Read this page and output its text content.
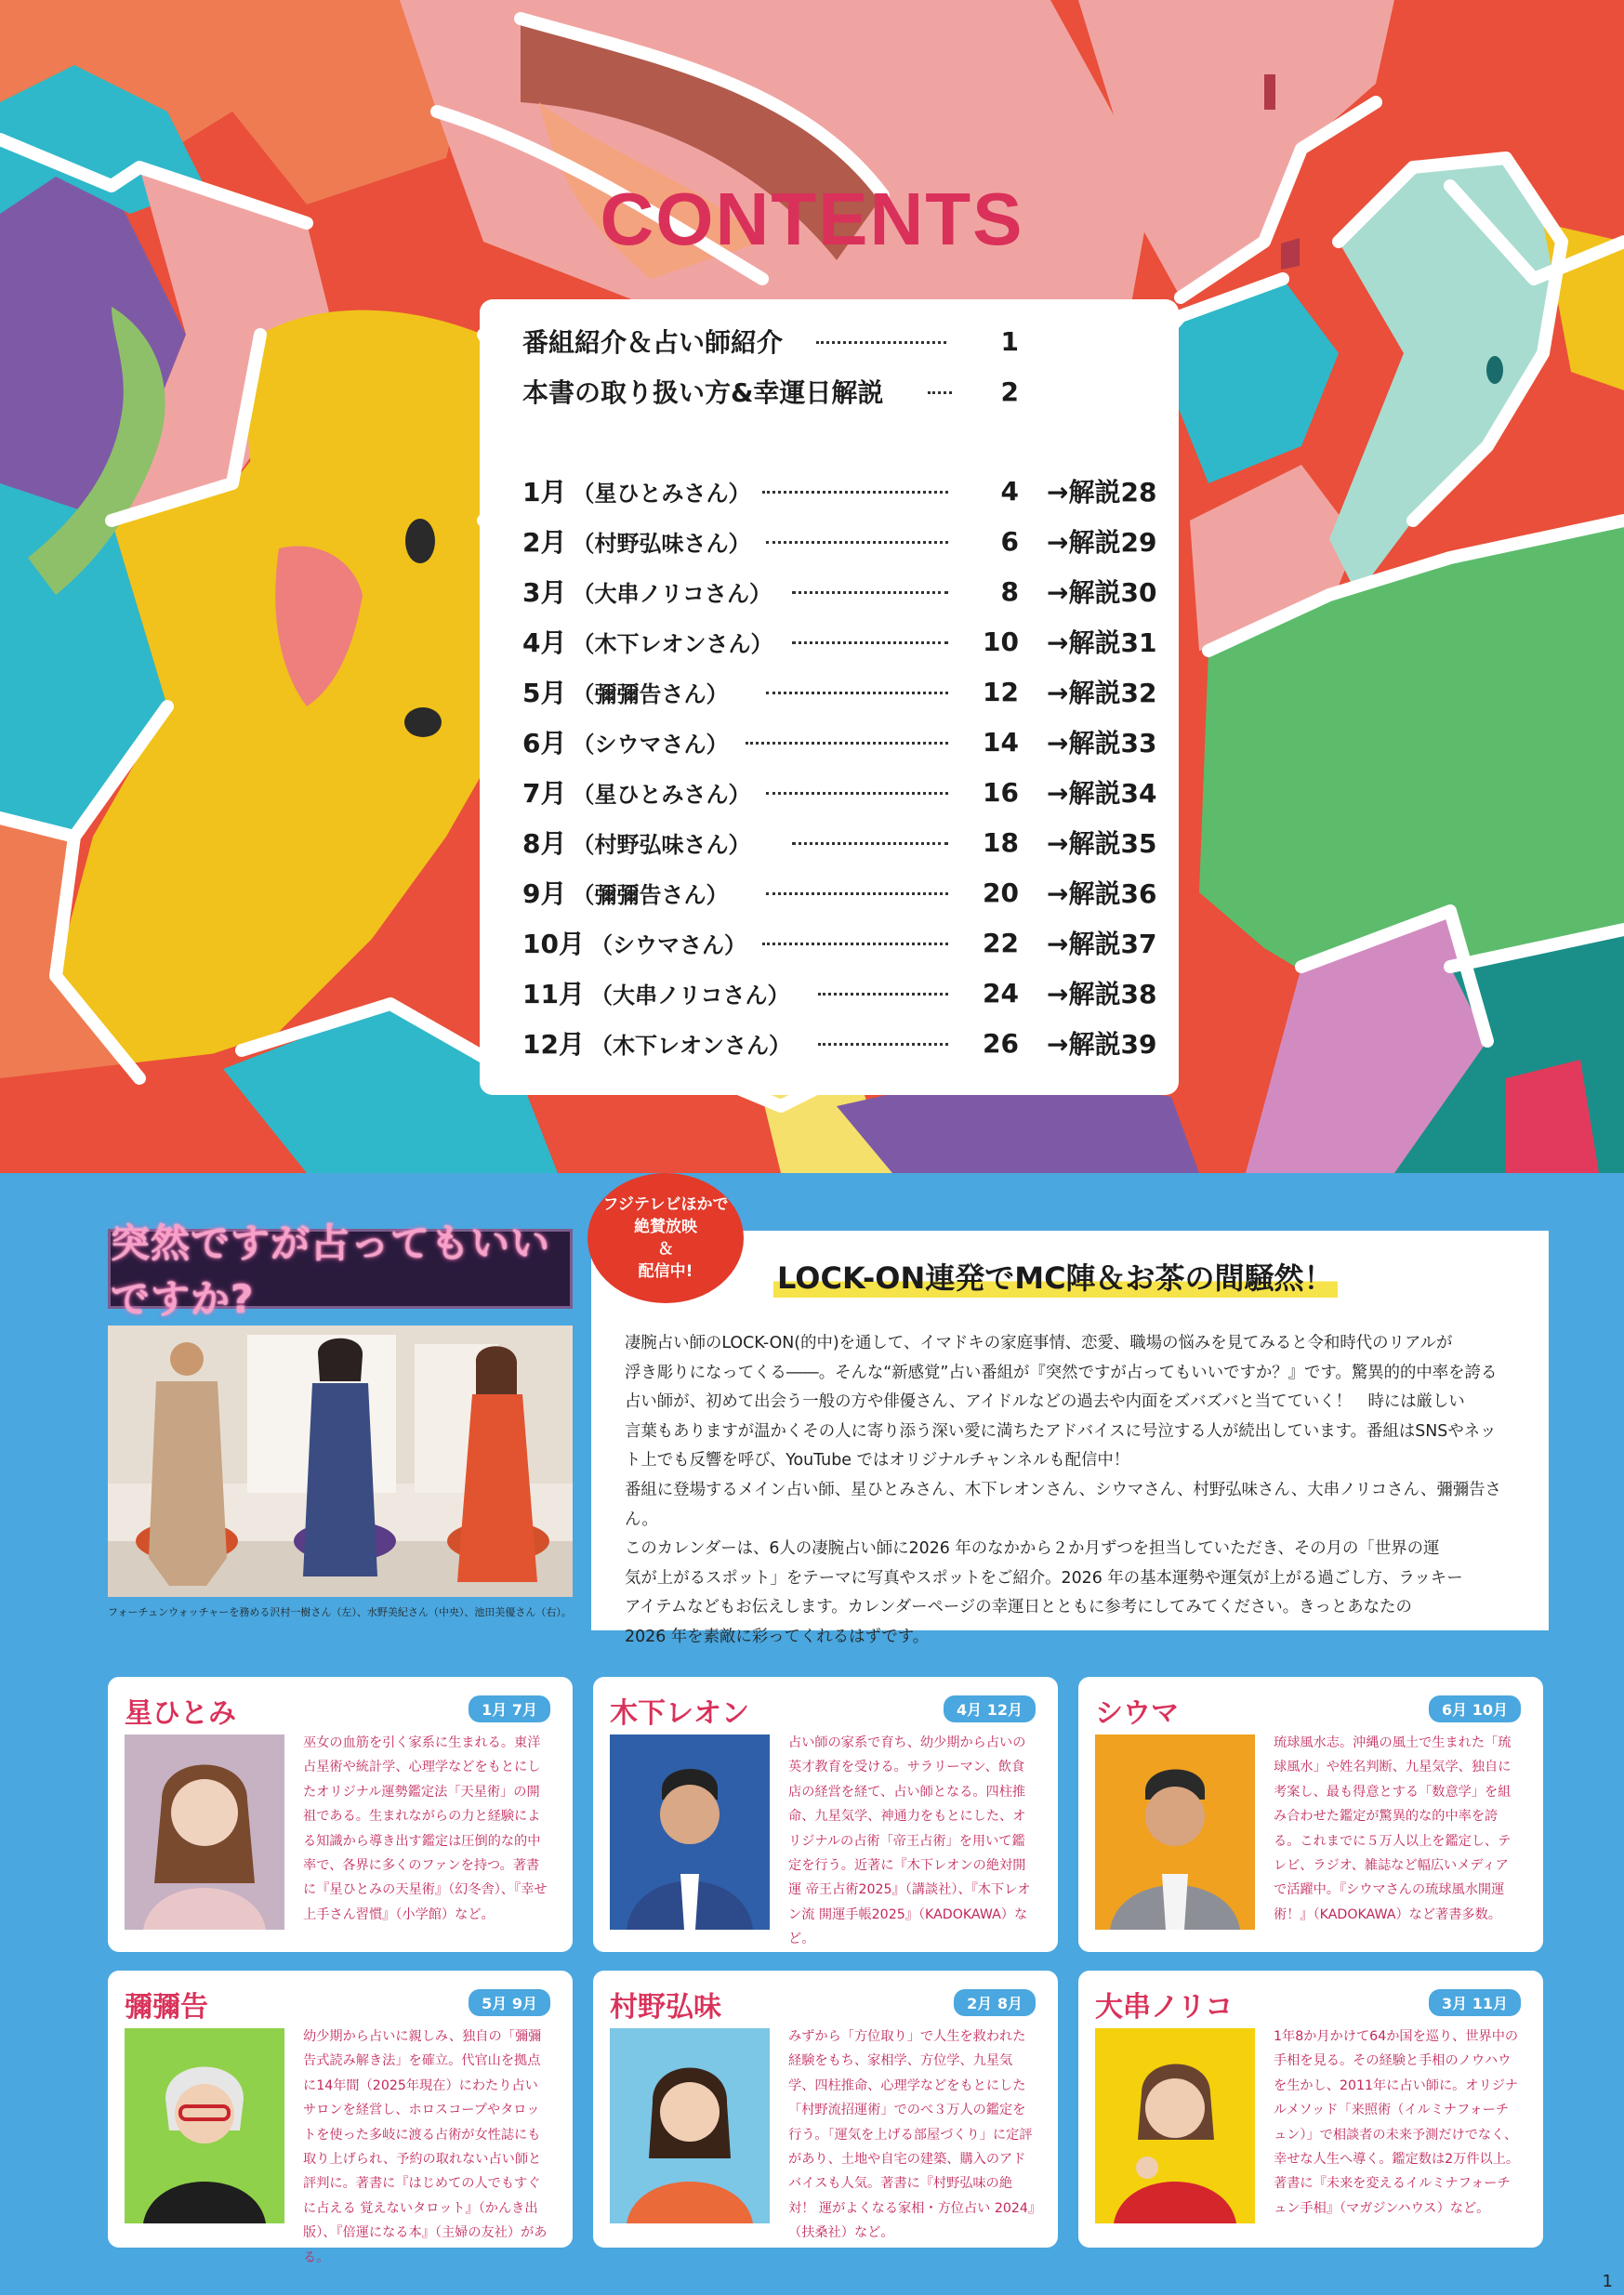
CONTENTS
番組紹介＆占い師紹介	1
本書の取り扱い方&幸運日解説	2
1月 （星ひとみさん）	4 →解説28
2月 （村野弘味さん）	6 →解説29
3月 （大串ノリコさん）	8 →解説30
4月 （木下レオンさん）	10 →解説31
5月 （彌彌告さん）	12 →解説32
6月 （シウマさん）	14 →解説33
7月 （星ひとみさん）	16 →解説34
8月 （村野弘味さん）	18 →解説35
9月 （彌彌告さん）	20 →解説36
10月 （シウマさん）	22 →解説37
11月 （大串ノリコさん）	24 →解説38
12月 （木下レオンさん）	26 →解説39
突然ですが占ってもいいですか?
フォーチュンウォッチャーを務める沢村一樹さん（左）、水野美紀さん（中央）、池田美優さん（右）。
LOCK-ON連発でMC陣＆お茶の間騒然！
凄腕占い師のLOCK-ON(的中)を通して、イマドキの家庭事情、恋愛、職場の悩みを見てみると令和時代のリアルが
浮き彫りになってくる――。そんな“新感覚”占い番組が『突然ですが占ってもいいですか？』です。驚異的的中率を誇る
占い師が、初めて出会う一般の方や俳優さん、アイドルなどの過去や内面をズバズバと当てていく！　時には厳しい
言葉もありますが温かくその人に寄り添う深い愛に満ちたアドバイスに号泣する人が続出しています。番組はSNSやネッ
ト上でも反響を呼び、YouTube ではオリジナルチャンネルも配信中！
番組に登場するメイン占い師、星ひとみさん、木下レオンさん、シウマさん、村野弘味さん、大串ノリコさん、彌彌告さん。
このカレンダーは、6人の凄腕占い師に2026 年のなかから２か月ずつを担当していただき、その月の「世界の運
気が上がるスポット」をテーマに写真やスポットをご紹介。2026 年の基本運勢や運気が上がる過ごし方、ラッキー
アイテムなどもお伝えします。カレンダーページの幸運日とともに参考にしてみてください。きっとあなたの
2026 年を素敵に彩ってくれるはずです。
フジテレビほかで
絶賛放映
＆
配信中!
星ひとみ	1月 7月
巫女の血筋を引く家系に生まれる。東洋占星術や統計学、心理学などをもとにしたオリジナル運勢鑑定法「天星術」の開祖である。生まれながらの力と経験による知識から導き出す鑑定は圧倒的な的中率で、各界に多くのファンを持つ。著書に『星ひとみの天星術』（幻冬舎）、『幸せ上手さん習慣』（小学館）など。
木下レオン	4月 12月
占い師の家系で育ち、幼少期から占いの英才教育を受ける。サラリーマン、飲食店の経営を経て、占い師となる。四柱推命、九星気学、神通力をもとにした、オリジナルの占術「帝王占術」を用いて鑑定を行う。近著に『木下レオンの絶対開運 帝王占術2025』（講談社）、『木下レオン流 開運手帳2025』（KADOKAWA）など。
シウマ	6月 10月
琉球風水志。沖縄の風土で生まれた「琉球風水」や姓名判断、九星気学、独自に考案し、最も得意とする「数意学」を組み合わせた鑑定が驚異的な的中率を誇る。これまでに５万人以上を鑑定し、テレビ、ラジオ、雑誌など幅広いメディアで活躍中。『シウマさんの琉球風水開運術！』（KADOKAWA）など著書多数。
彌彌告	5月 9月
幼少期から占いに親しみ、独自の「彌彌告式読み解き法」を確立。代官山を拠点に14年間（2025年現在）にわたり占いサロンを経営し、ホロスコープやタロットを使った多岐に渡る占術が女性誌にも取り上げられ、予約の取れない占い師と評判に。著書に『はじめての人でもすぐに占える 覚えないタロット』（かんき出版）、『倍運になる本』（主婦の友社）がある。
村野弘味	2月 8月
みずから「方位取り」で人生を救われた経験をもち、家相学、方位学、九星気学、四柱推命、心理学などをもとにした「村野流招運術」でのべ３万人の鑑定を行う。「運気を上げる部屋づくり」に定評があり、土地や自宅の建築、購入のアドバイスも人気。著書に『村野弘味の絶対！ 運がよくなる家相・方位占い 2024』（扶桑社）など。
大串ノリコ	3月 11月
1年8か月かけて64か国を巡り、世界中の手相を見る。その経験と手相のノウハウを生かし、2011年に占い師に。オリジナルメソッド「来照術（イルミナフォーチュン）」で相談者の未来予測だけでなく、幸せな人生へ導く。鑑定数は2万件以上。著書に『未来を変えるイルミナフォーチュン手相』（マガジンハウス）など。
1
